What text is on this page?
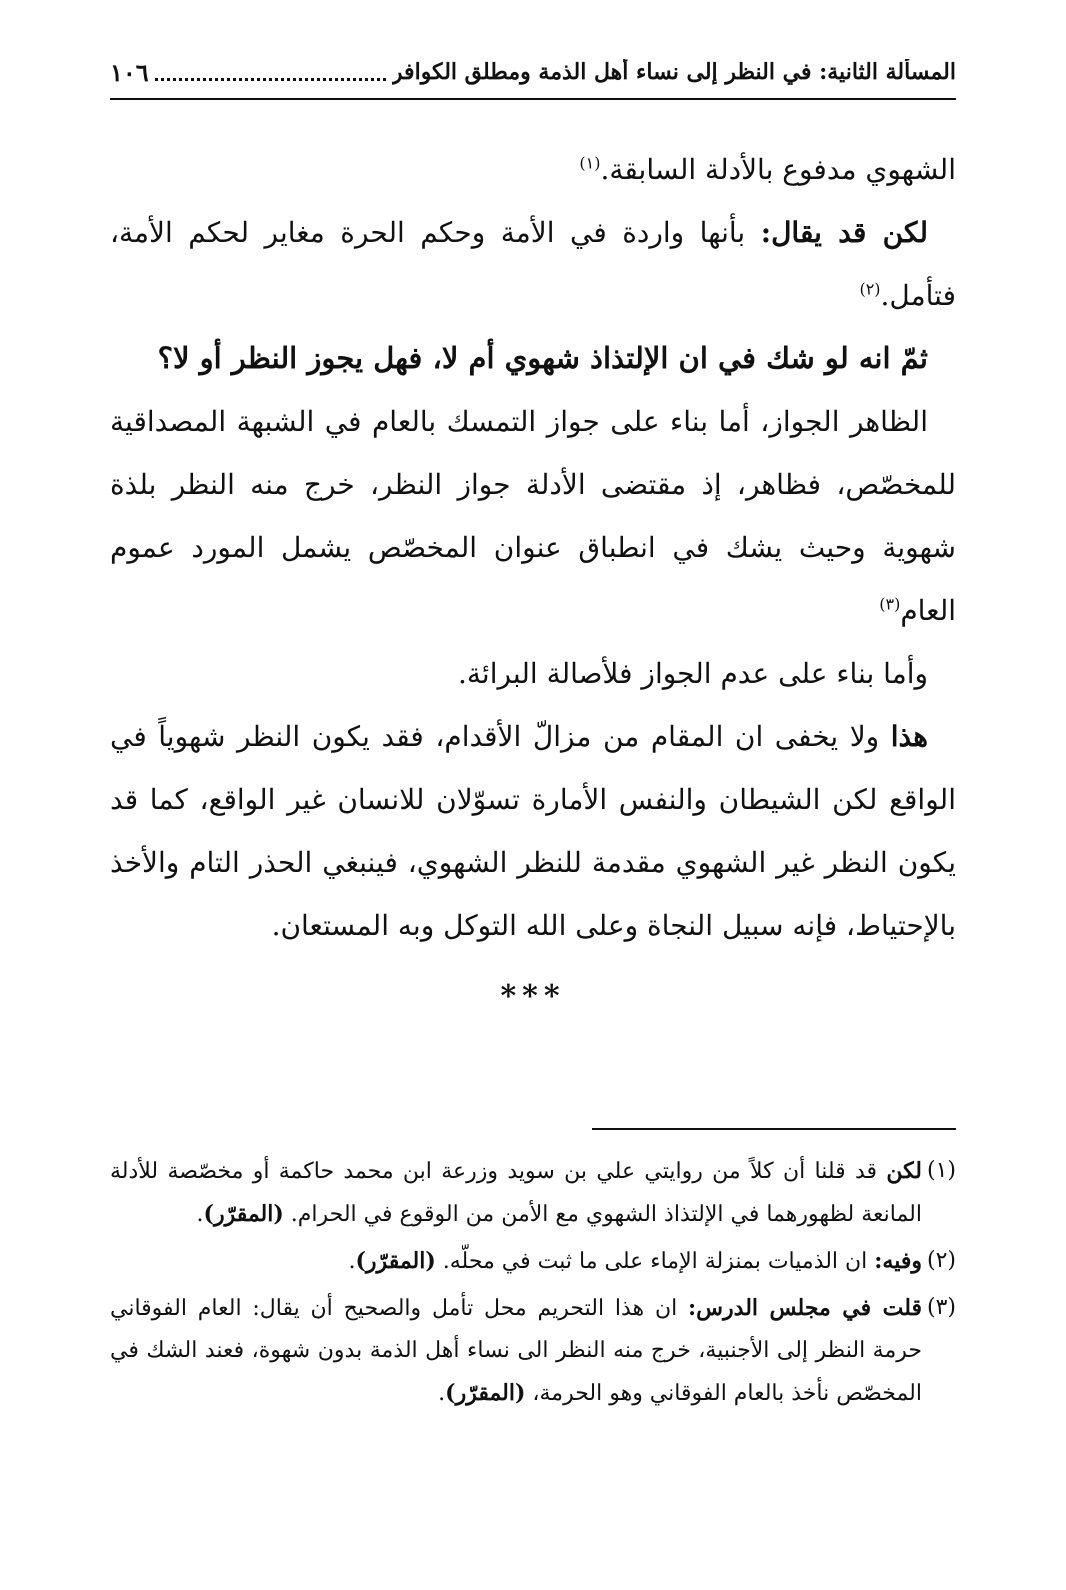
المسألة الثانية: في النظر إلى نساء أهل الذمة ومطلق الكوافر
١٠٦

الشهوي مدفوع بالأدلة السابقة.$^{(١)}$

لكن قد يقال: بأنها واردة في الأمة وحكم الحرة مغاير لحكم الأمة، فتأمل.$^{(٢)}$

ثمّ انه لو شك في ان الإلتذاذ شهوي أم لا، فهل يجوز النظر أو لا؟

الظاهر الجواز، أما بناء على جواز التمسك بالعام في الشبهة المصداقية للمخصّص، فظاهر، إذ مقتضى الأدلة جواز النظر، خرج منه النظر بلذة شهوية وحيث يشك في انطباق عنوان المخصّص يشمل المورد عموم العام$^{(٣)}$

وأما بناء على عدم الجواز فلأصالة البرائة.

هذا ولا يخفى ان المقام من مزالّ الأقدام، فقد يكون النظر شهوياً في الواقع لكن الشيطان والنفس الأمارة تسوّلان للانسان غير الواقع، كما قد يكون النظر غير الشهوي مقدمة للنظر الشهوي، فينبغي الحذر التام والأخذ بالإحتياط، فإنه سبيل النجاة وعلى الله التوكل وبه المستعان.

***

(١)
لكن قد قلنا أن كلاً من روايتي علي بن سويد وزرعة ابن محمد حاكمة أو مخصّصة للأدلة المانعة لظهورهما في الإلتذاذ الشهوي مع الأمن من الوقوع في الحرام. (المقرّر).

(٢)
وفيه: ان الذميات بمنزلة الإماء على ما ثبت في محلّه. (المقرّر).

(٣)
قلت في مجلس الدرس: ان هذا التحريم محل تأمل والصحيح أن يقال: العام الفوقاني حرمة النظر إلى الأجنبية، خرج منه النظر الى نساء أهل الذمة بدون شهوة، فعند الشك في المخصّص نأخذ بالعام الفوقاني وهو الحرمة، (المقرّر).
